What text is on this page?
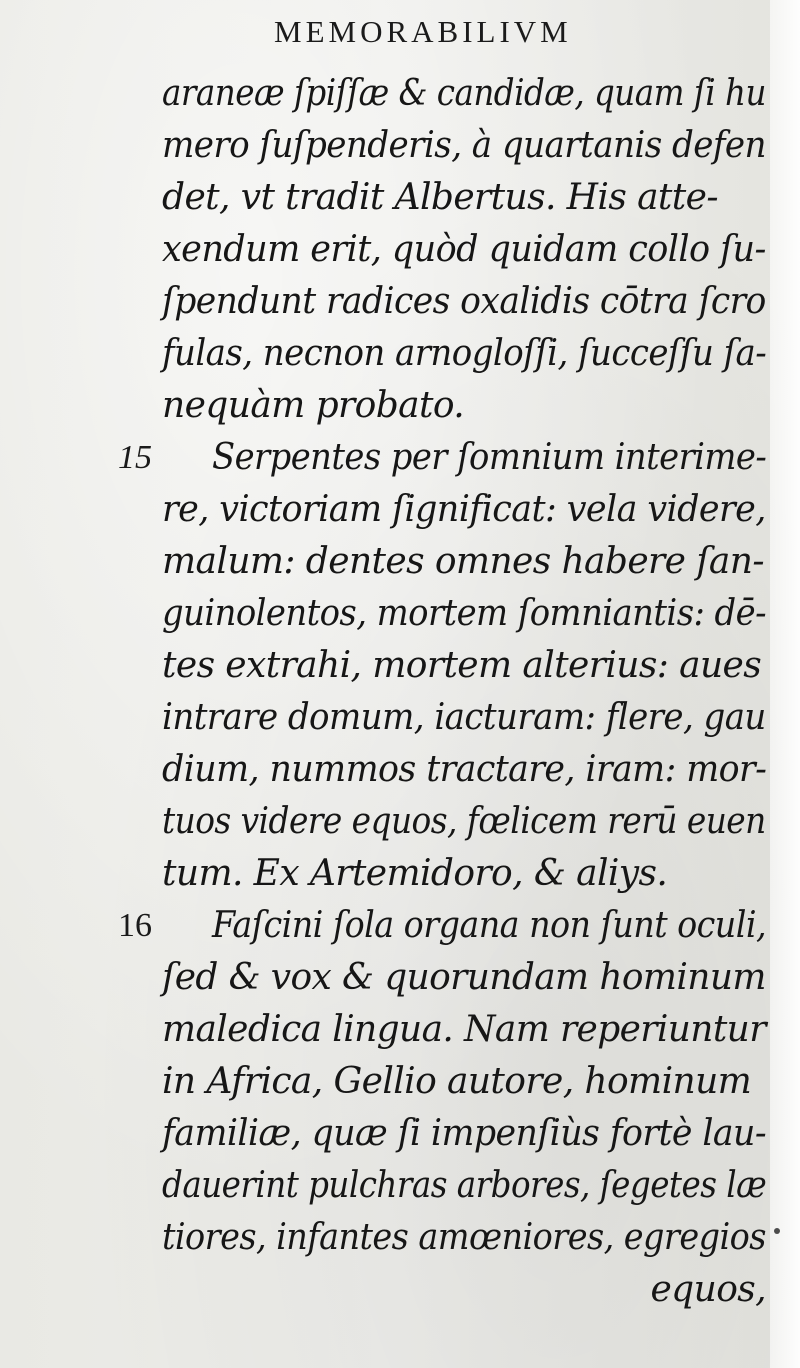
MEMORABILIVM
araneæ ſpiſſæ & candidæ, quam ſi hu
mero ſuſpenderis, à quartanis defen
det, vt tradit Albertus. His atte-
xendum erit, quòd quidam collo ſu-
ſpendunt radices oxalidis cōtra ſcro
fulas, necnon arnogloſſi, ſucceſſu ſa-
nequàm probato.
15 Serpentes per ſomnium interime-
re, victoriam ſignificat: vela videre,
malum: dentes omnes habere ſan-
guinolentos, mortem ſomniantis: dē-
tes extrahi, mortem alterius: aues
intrare domum, iacturam: flere, gau
dium, nummos tractare, iram: mor-
tuos videre equos, fœlicem rerū euen
tum. Ex Artemidoro, & aliys.
16 Faſcini ſola organa non ſunt oculi,
ſed & vox & quorundam hominum
maledica lingua. Nam reperiuntur
in Africa, Gellio autore, hominum
familiæ, quæ ſi impenſiùs fortè lau-
dauerint pulchras arbores, ſegetes læ
tiores, infantes amœniores, egregios
equos,
